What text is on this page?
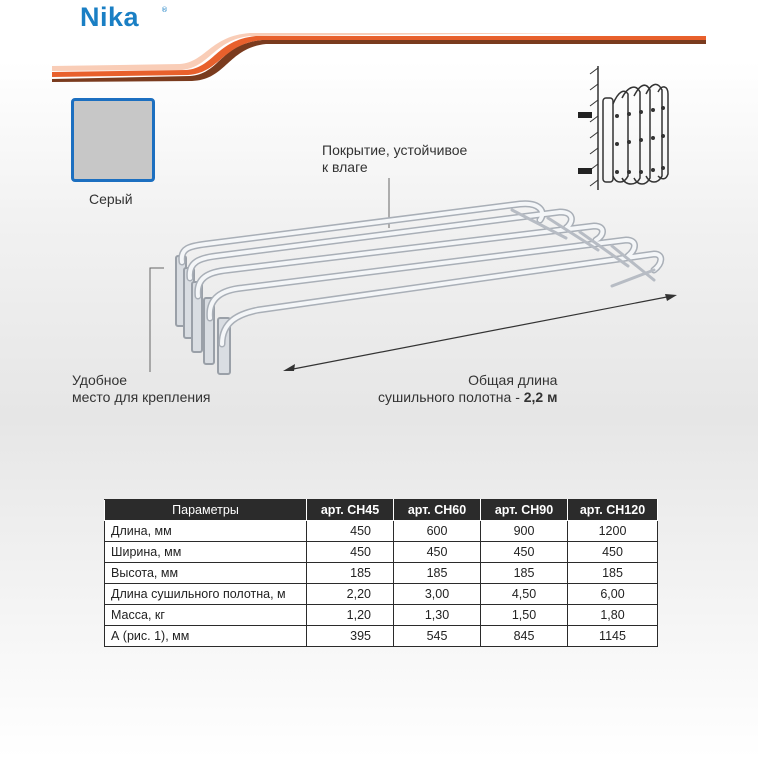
Nika	®
Серый
Покрытие, устойчивое
к влаге
Удобное
место для крепления
Общая длина
сушильного полотна - 2,2 м
Параметры	арт. СН45	арт. СН60	арт. СН90	арт. СН120
Длина, мм	450	600	900	1200
Ширина, мм	450	450	450	450
Высота, мм	185	185	185	185
Длина сушильного полотна, м	2,20	3,00	4,50	6,00
Масса, кг	1,20	1,30	1,50	1,80
А (рис. 1), мм	395	545	845	1145
